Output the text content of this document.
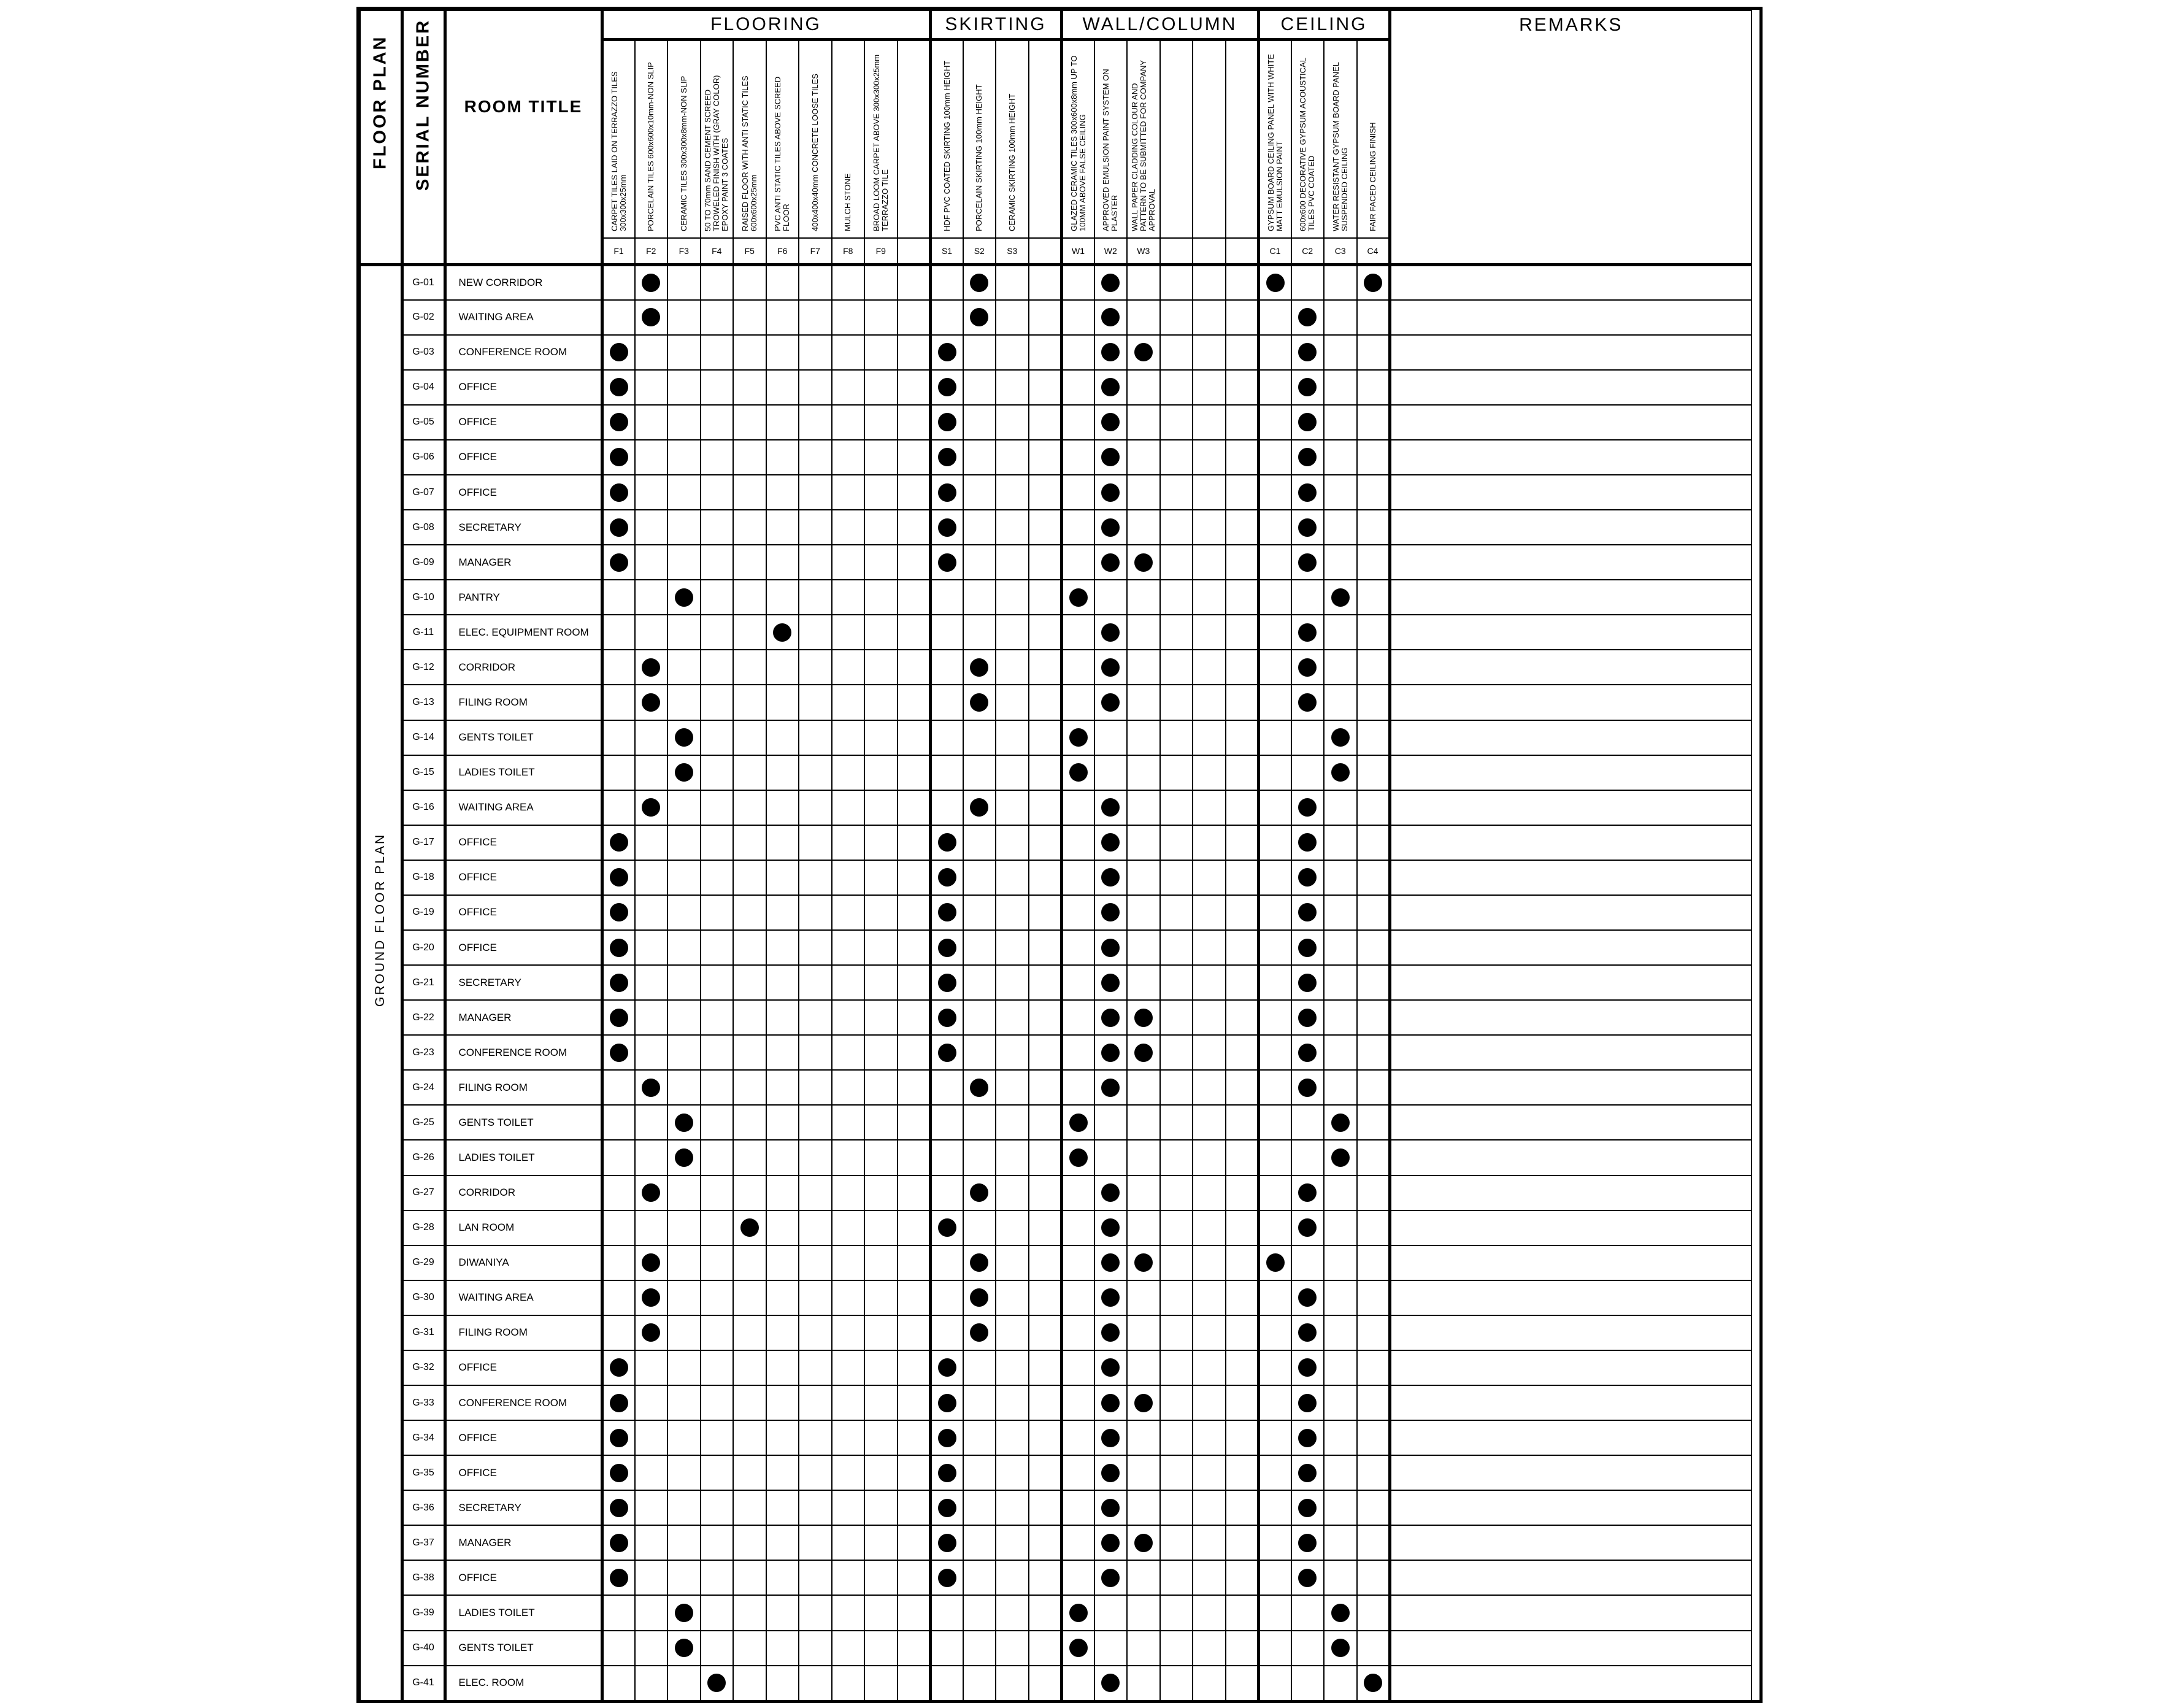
FLOOR PLAN	SERIAL NUMBER	ROOM TITLE	FLOORING										SKIRTING				WALL/COLUMN						CEILING				REMARKS

			CARPET TILES LAID ON TERRAZZO TILES 300x300x25mm	PORCELAIN TILES 600x600x10mm-NON SLIP	CERAMIC TILES 300x300x8mm-NON SLIP	50 TO 70mm SAND CEMENT SCREED TROWELED FINISH WITH (GRAY COLOR) EPOXY PAINT 3 COATES	RAISED FLOOR WITH ANTI STATIC TILES 600x600x25mm	PVC ANTI STATIC TILES ABOVE SCREED FLOOR	400x400x40mm CONCRETE LOOSE TILES	MULCH STONE	BROAD LOOM CARPET ABOVE 300x300x25mm TERRAZZO TILE		HDF PVC COATED SKIRTING 100mm HEIGHT	PORCELAIN SKIRTING 100mm HEIGHT	CERAMIC SKIRTING 100mm HEIGHT		GLAZED CERAMIC TILES 300x600x8mm UP TO 100MM ABOVE FALSE CEILING	APPROVED EMULSION PAINT SYSTEM ON PLASTER	WALL PAPER CLADDING COLOUR AND PATTERN TO BE SUBMITTED FOR COMPANY APPROVAL				GYPSUM BOARD CEILING PANEL WITH WHITE MATT EMULSION PAINT	600x600 DECORATIVE GYPSUM ACOUSTICAL TILES PVC COATED	WATER RESISTANT GYPSUM BOARD PANEL SUSPENDED CEILING	FAIR FACED CEILING FINISH	

			F1	F2	F3	F4	F5	F6	F7	F8	F9		S1	S2	S3		W1	W2	W3				C1	C2	C3	C4	

GROUND FLOOR PLAN	G-01	NEW CORRIDOR																									
	G-02	WAITING AREA																									
	G-03	CONFERENCE ROOM																									
	G-04	OFFICE																									
	G-05	OFFICE																									
	G-06	OFFICE																									
	G-07	OFFICE																									
	G-08	SECRETARY																									
	G-09	MANAGER																									
	G-10	PANTRY																									
	G-11	ELEC. EQUIPMENT ROOM																									
	G-12	CORRIDOR																									
	G-13	FILING ROOM																									
	G-14	GENTS TOILET																									
	G-15	LADIES TOILET																									
	G-16	WAITING AREA																									
	G-17	OFFICE																									
	G-18	OFFICE																									
	G-19	OFFICE																									
	G-20	OFFICE																									
	G-21	SECRETARY																									
	G-22	MANAGER																									
	G-23	CONFERENCE ROOM																									
	G-24	FILING ROOM																									
	G-25	GENTS TOILET																									
	G-26	LADIES TOILET																									
	G-27	CORRIDOR																									
	G-28	LAN ROOM																									
	G-29	DIWANIYA																									
	G-30	WAITING AREA																									
	G-31	FILING ROOM																									
	G-32	OFFICE																									
	G-33	CONFERENCE ROOM																									
	G-34	OFFICE																									
	G-35	OFFICE																									
	G-36	SECRETARY																									
	G-37	MANAGER																									
	G-38	OFFICE																									
	G-39	LADIES TOILET																									
	G-40	GENTS TOILET																									
	G-41	ELEC. ROOM																									
